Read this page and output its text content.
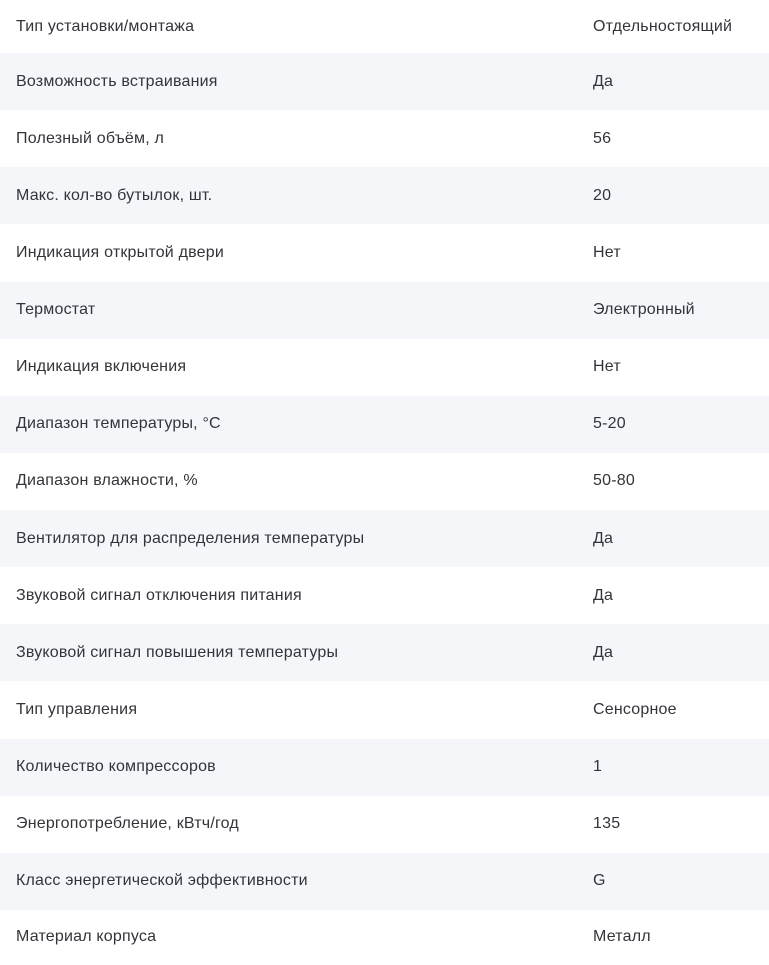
Тип установки/монтажа	Отдельностоящий
Возможность встраивания	Да
Полезный объём, л	56
Макс. кол-во бутылок, шт.	20
Индикация открытой двери	Нет
Термостат	Электронный
Индикация включения	Нет
Диапазон температуры, °C	5-20
Диапазон влажности, %	50-80
Вентилятор для распределения температуры	Да
Звуковой сигнал отключения питания	Да
Звуковой сигнал повышения температуры	Да
Тип управления	Сенсорное
Количество компрессоров	1
Энергопотребление, кВтч/год	135
Класс энергетической эффективности	G
Материал корпуса	Металл
